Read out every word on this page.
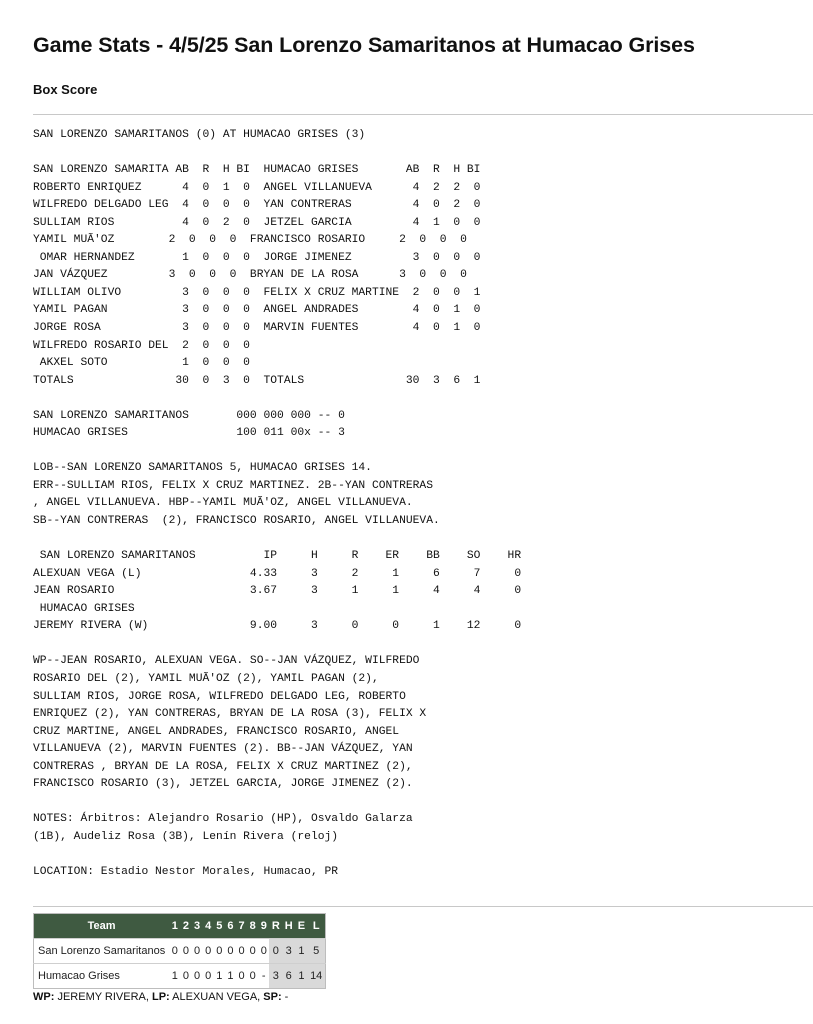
Game Stats - 4/5/25 San Lorenzo Samaritanos at Humacao Grises
Box Score
SAN LORENZO SAMARITANOS (0) AT HUMACAO GRISES (3)

SAN LORENZO SAMARITA AB  R  H BI  HUMACAO GRISES       AB  R  H BI
ROBERTO ENRIQUEZ      4  0  1  0  ANGEL VILLANUEVA      4  2  2  0
WILFREDO DELGADO LEG  4  0  0  0  YAN CONTRERAS         4  0  2  0
SULLIAM RIOS          4  0  2  0  JETZEL GARCIA         4  1  0  0
YAMIL MUÃ'OZ        2  0  0  0  FRANCISCO ROSARIO     2  0  0  0
OMAR HERNANDEZ       1  0  0  0  JORGE JIMENEZ         3  0  0  0
JAN VÁZQUEZ         3  0  0  0  BRYAN DE LA ROSA      3  0  0  0
WILLIAM OLIVO         3  0  0  0  FELIX X CRUZ MARTINE  2  0  0  1
YAMIL PAGAN           3  0  0  0  ANGEL ANDRADES        4  0  1  0
JORGE ROSA            3  0  0  0  MARVIN FUENTES        4  0  1  0
WILFREDO ROSARIO DEL  2  0  0  0
AKXEL SOTO           1  0  0  0
TOTALS               30  0  3  0  TOTALS               30  3  6  1

SAN LORENZO SAMARITANOS       000 000 000 -- 0
HUMACAO GRISES                100 011 00x -- 3

LOB--SAN LORENZO SAMARITANOS 5, HUMACAO GRISES 14.
ERR--SULLIAM RIOS, FELIX X CRUZ MARTINEZ. 2B--YAN CONTRERAS
, ANGEL VILLANUEVA. HBP--YAMIL MUÃ'OZ, ANGEL VILLANUEVA.
SB--YAN CONTRERAS  (2), FRANCISCO ROSARIO, ANGEL VILLANUEVA.

SAN LORENZO SAMARITANOS          IP     H     R    ER    BB    SO    HR
ALEXUAN VEGA (L)                4.33     3     2     1     6     7     0
JEAN ROSARIO                    3.67     3     1     1     4     4     0
HUMACAO GRISES
JEREMY RIVERA (W)               9.00     3     0     0     1    12     0

WP--JEAN ROSARIO, ALEXUAN VEGA. SO--JAN VÁZQUEZ, WILFREDO
ROSARIO DEL (2), YAMIL MUÃ'OZ (2), YAMIL PAGAN (2),
SULLIAM RIOS, JORGE ROSA, WILFREDO DELGADO LEG, ROBERTO
ENRIQUEZ (2), YAN CONTRERAS, BRYAN DE LA ROSA (3), FELIX X
CRUZ MARTINE, ANGEL ANDRADES, FRANCISCO ROSARIO, ANGEL
VILLANUEVA (2), MARVIN FUENTES (2). BB--JAN VÁZQUEZ, YAN
CONTRERAS , BRYAN DE LA ROSA, FELIX X CRUZ MARTINEZ (2),
FRANCISCO ROSARIO (3), JETZEL GARCIA, JORGE JIMENEZ (2).

NOTES: Árbitros: Alejandro Rosario (HP), Osvaldo Galarza
(1B), Audeliz Rosa (3B), Lenín Rivera (reloj)

LOCATION: Estadio Nestor Morales, Humacao, PR
Team	1	2	3	4	5	6	7	8	9	R	H	E	L
San Lorenzo Samaritanos	0	0	0	0	0	0	0	0	0	0	3	1	5
Humacao Grises	1	0	0	0	1	1	0	0	-	3	6	1	14

WP: JEREMY RIVERA, LP: ALEXUAN VEGA, SP: -
